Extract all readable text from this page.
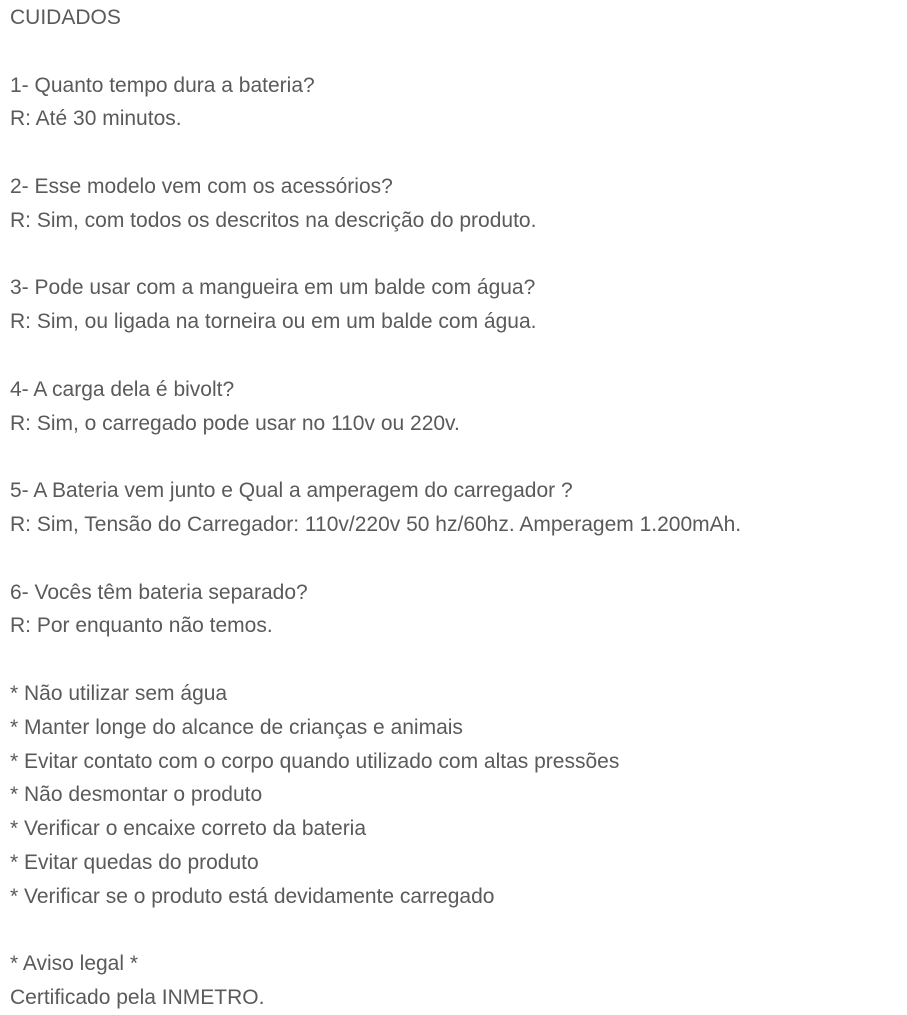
CUIDADOS
1- Quanto tempo dura a bateria?
R: Até 30 minutos.
2- Esse modelo vem com os acessórios?
R: Sim, com todos os descritos na descrição do produto.
3- Pode usar com a mangueira em um balde com água?
R: Sim, ou ligada na torneira ou em um balde com água.
4- A carga dela é bivolt?
R: Sim, o carregado pode usar no 110v ou 220v.
5- A Bateria vem junto e Qual a amperagem do carregador ?
R: Sim, Tensão do Carregador: 110v/220v 50 hz/60hz. Amperagem 1.200mAh.
6- Vocês têm bateria separado?
R: Por enquanto não temos.
* Não utilizar sem água
* Manter longe do alcance de crianças e animais
* Evitar contato com o corpo quando utilizado com altas pressões
* Não desmontar o produto
* Verificar o encaixe correto da bateria
* Evitar quedas do produto
* Verificar se o produto está devidamente carregado
* Aviso legal *
Certificado pela INMETRO.
